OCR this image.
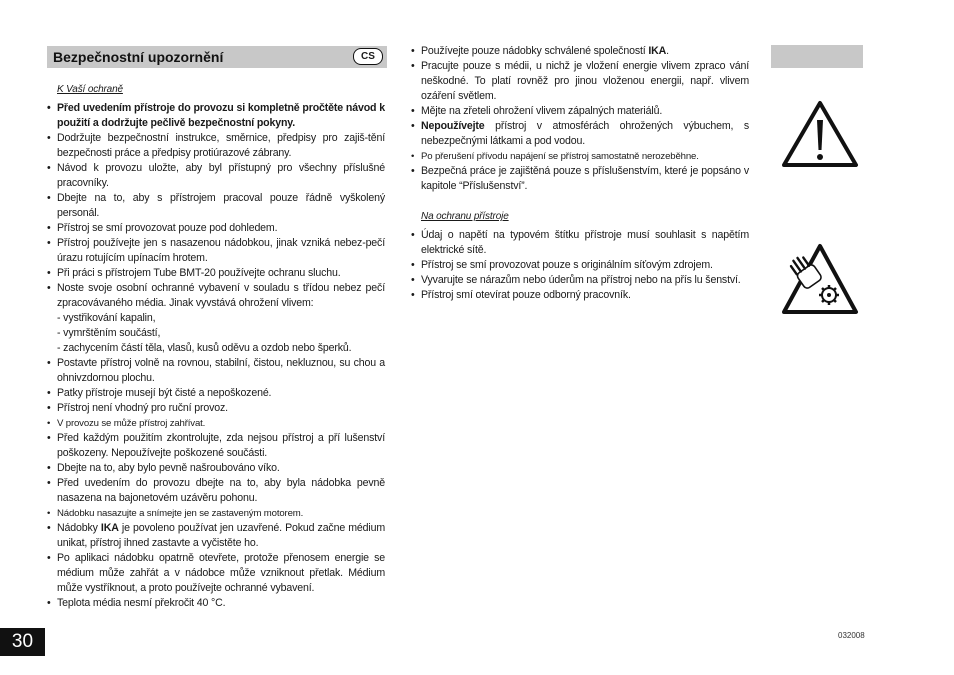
Bezpečnostní upozornění	CS
K Vaší ochraně
• Před uvedením přístroje do provozu si kompletně pročtěte návod k použití a dodržujte pečlivě bezpečnostní pokyny.
• Dodržujte bezpečnostní instrukce, směrnice, předpisy pro zajiš-tění bezpečnosti práce a předpisy protiúrazové zábrany.
• Návod k provozu uložte, aby byl přístupný pro všechny příslušné pracovníky.
• Dbejte na to, aby s přístrojem pracoval pouze řádně vyškolený personál.
• Přístroj se smí provozovat pouze pod dohledem.
• Přístroj používejte jen s nasazenou nádobkou, jinak vzniká nebez-pečí úrazu rotujícím upínacím hrotem.
• Při práci s přístrojem Tube BMT-20 používejte ochranu sluchu.
• Noste svoje osobní ochranné vybavení v souladu s třídou nebez pečí zpracovávaného média. Jinak vyvstává ohrožení vlivem:
- vystřikování kapalin,
- vymrštěním součástí,
- zachycením částí těla, vlasů, kusů oděvu a ozdob nebo šperků.
• Postavte přístroj volně na rovnou, stabilní, čistou, nekluznou, su chou a ohnivzdornou plochu.
• Patky přístroje musejí být čisté a nepoškozené.
• Přístroj není vhodný pro ruční provoz.
• V provozu se může přístroj zahřívat.
• Před každým použitím zkontrolujte, zda nejsou přístroj a pří lušenství poškozeny. Nepoužívejte poškozené součásti.
• Dbejte na to, aby bylo pevně našroubováno víko.
• Před uvedením do provozu dbejte na to, aby byla nádobka pevně nasazena na bajonetovém uzávěru pohonu.
• Nádobku nasazujte a snímejte jen se zastaveným motorem.
• Nádobky IKA je povoleno používat jen uzavřené. Pokud začne médium unikat, přístroj ihned zastavte a vyčistěte ho.
• Po aplikaci nádobku opatrně otevřete, protože přenosem energie se médium může zahřát a v nádobce může vzniknout přetlak. Médium může vystříknout, a proto používejte ochranné vybavení.
• Teplota média nesmí překročit 40 °C.
• Používejte pouze nádobky schválené společností IKA.
• Pracujte pouze s médii, u nichž je vložení energie vlivem zpraco vání neškodné. To platí rovněž pro jinou vloženou energii, např. vlivem ozáření světlem.
• Mějte na zřeteli ohrožení vlivem zápalných materiálů.
• Nepoužívejte přístroj v atmosférách ohrožených výbuchem, s nebezpečnými látkami a pod vodou.
• Po přerušení přívodu napájení se přístroj samostatně nerozeběhne.
• Bezpečná práce je zajištěná pouze s příslušenstvím, které je popsáno v kapitole “Příslušenství”.
Na ochranu přístroje
• Údaj o napětí na typovém štítku přístroje musí souhlasit s napětím elektrické sítě.
• Přístroj se smí provozovat pouze s originálním síťovým zdrojem.
• Vyvarujte se nárazům nebo úderům na přístroj nebo na přís lu šenství.
• Přístroj smí otevírat pouze odborný pracovník.
30	032008
